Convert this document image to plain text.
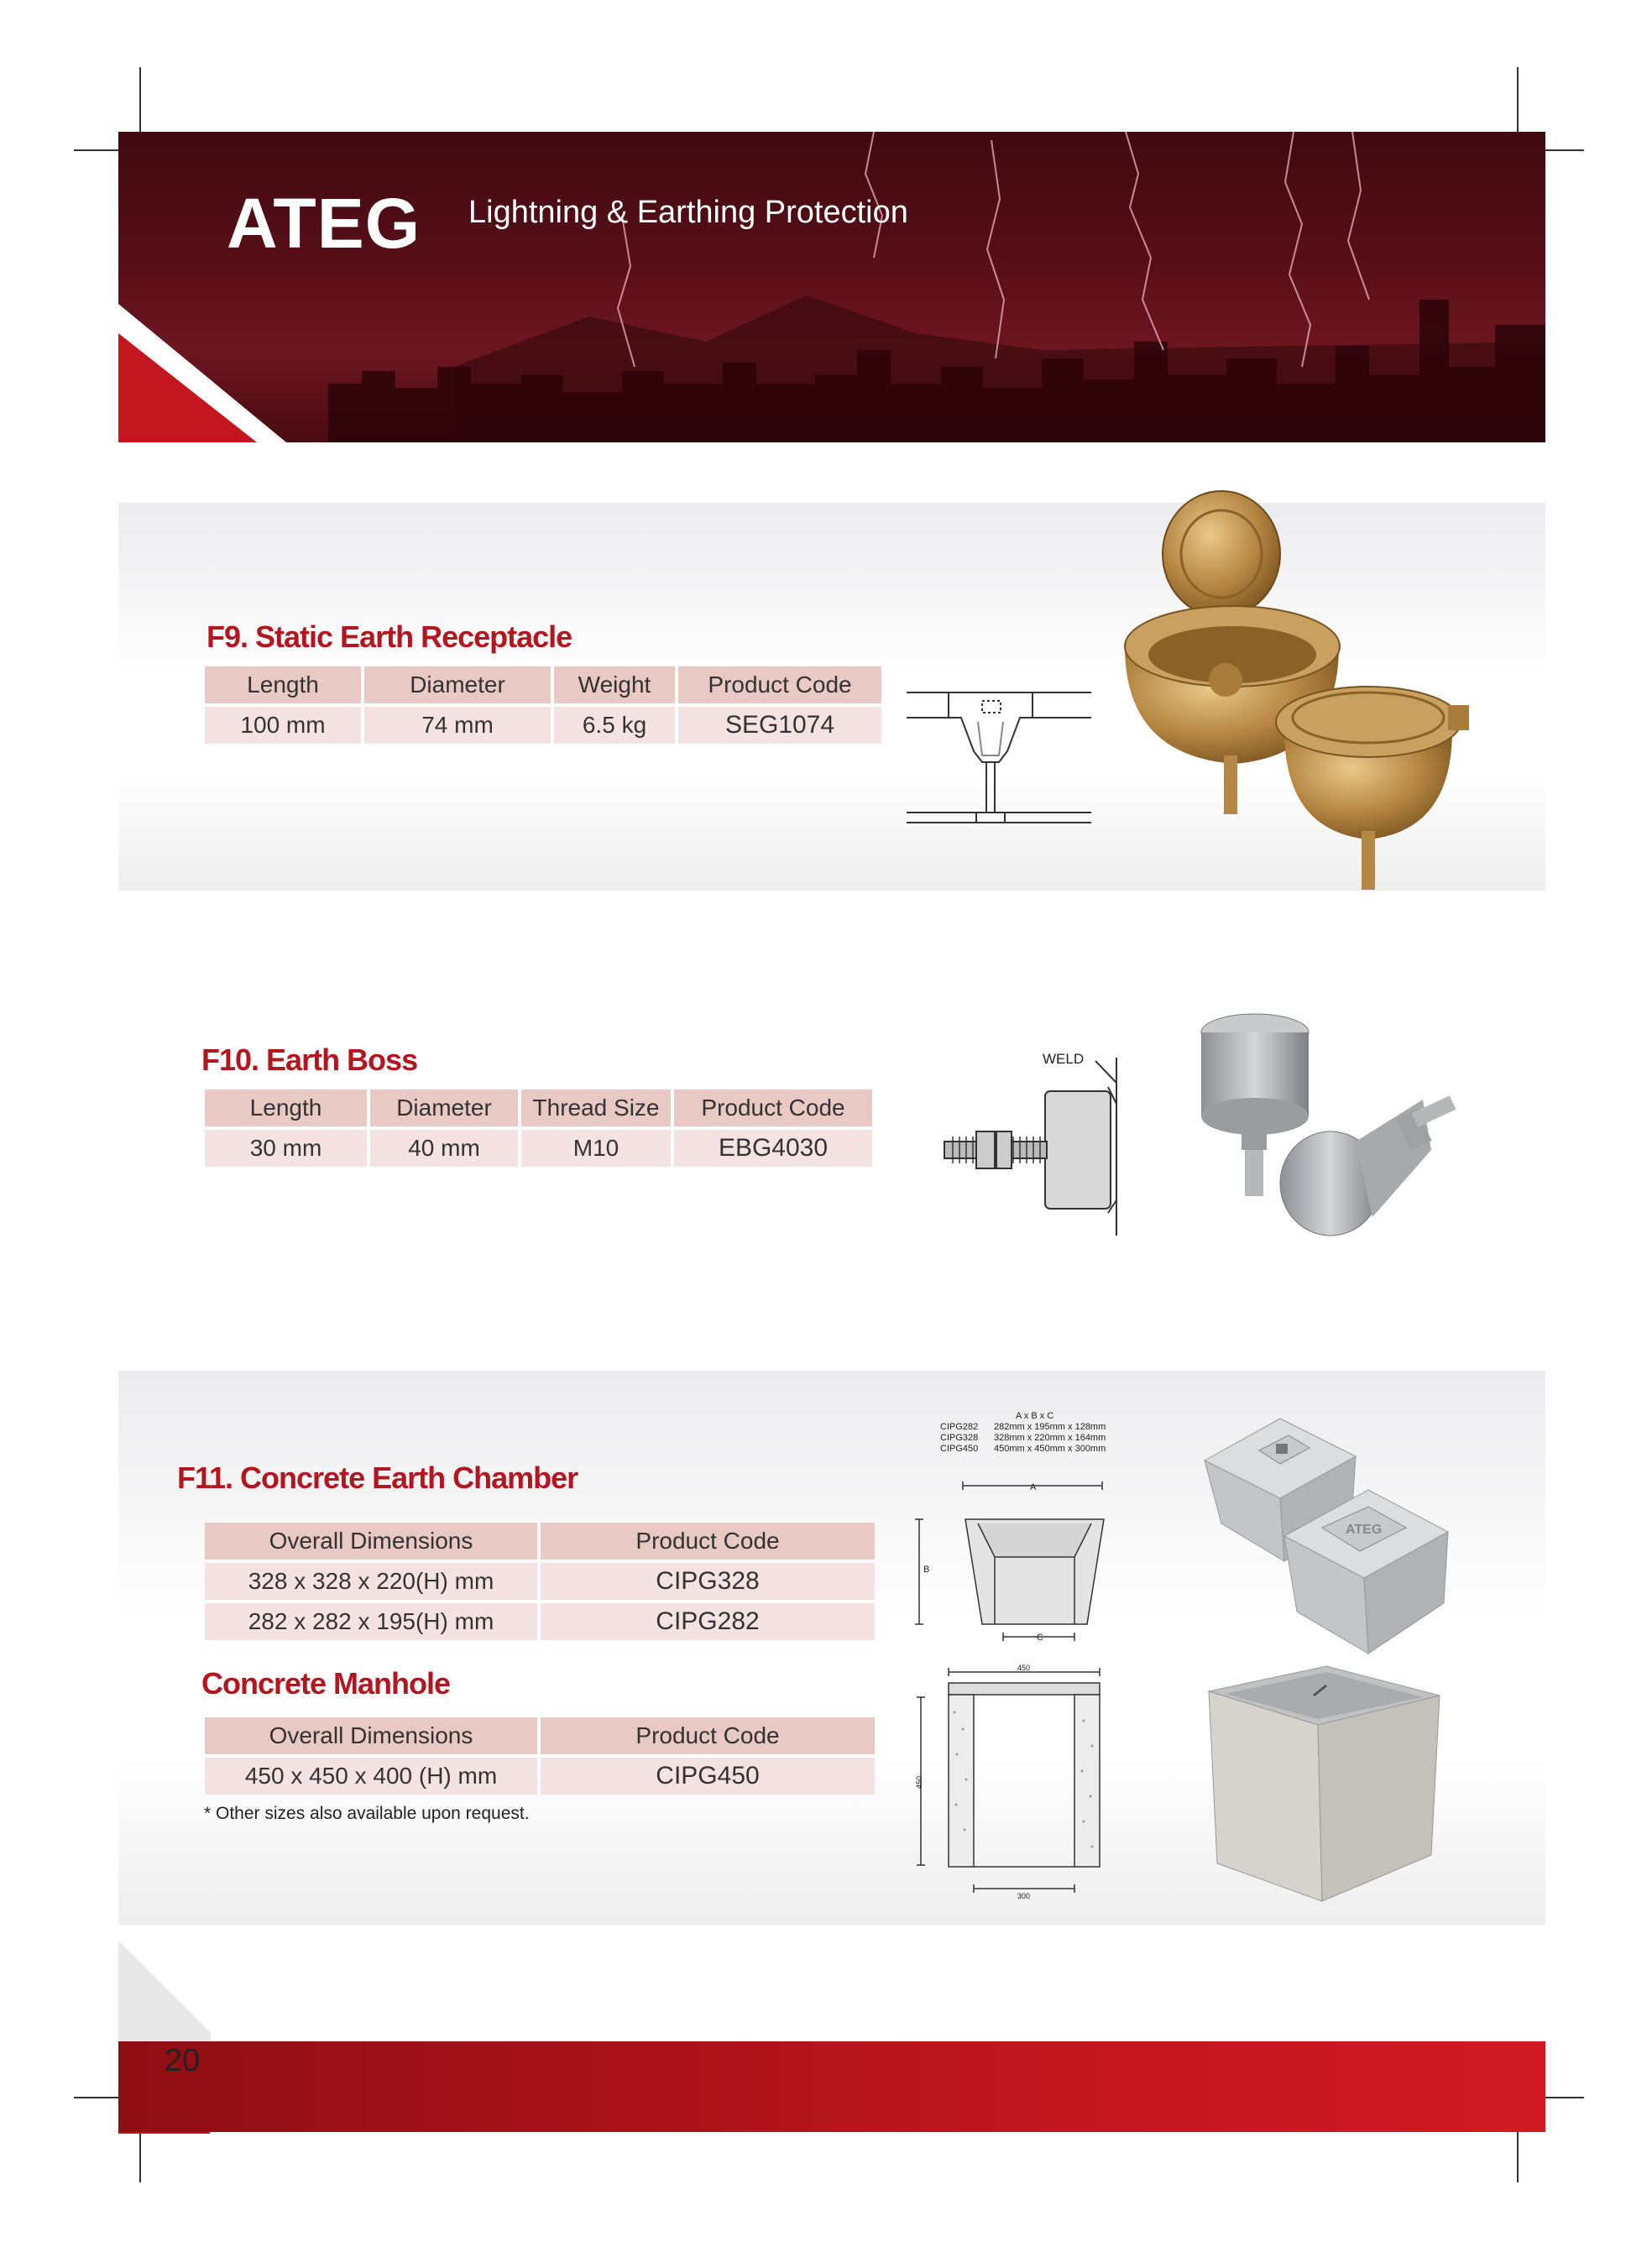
ATEG Lightning & Earthing Protection
F9. Static Earth Receptacle
Length	Diameter	Weight	Product Code
100 mm	74 mm	6.5 kg	SEG1074
F10. Earth Boss
Length	Diameter	Thread Size	Product Code
30 mm	40 mm	M10	EBG4030
WELD
F11. Concrete Earth Chamber
Overall Dimensions	Product Code
328 x 328 x 220(H) mm	CIPG328
282 x 282 x 195(H) mm	CIPG282
Concrete Manhole
Overall Dimensions	Product Code
450 x 450 x 400 (H) mm	CIPG450
* Other sizes also available upon request.
A x B x C
CIPG282 282mm x 195mm x 128mm
CIPG328 328mm x 220mm x 164mm
CIPG450 450mm x 450mm x 300mm
A
B
C
ATEG
450
450
300
20
